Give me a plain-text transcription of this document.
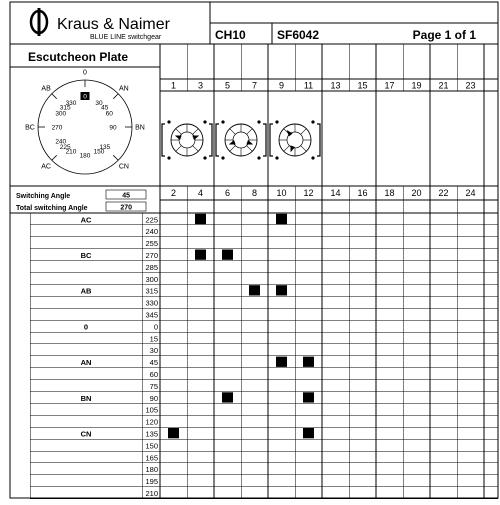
Kraus & Naimer
BLUE LINE switchgear	CH10	SF6042	Page 1 of 1
Escutcheon Plate
0
AN
BN
CN
AC
BC
AB
0
30
60
90
135
150
180
210
225
240
270
300
315
330
45
Switching Angle	45
Total switching Angle	270
1 3 5 7 9 11 13 15 17 19 21 23
2 4 6 8 10 12 14 16 18 20 22 24
AC	225
240
255
BC	270
285
300
AB	315
330
345
0	0
15
30
AN	45
60
75
BN	90
105
120
CN	135
150
165
180
195
210
